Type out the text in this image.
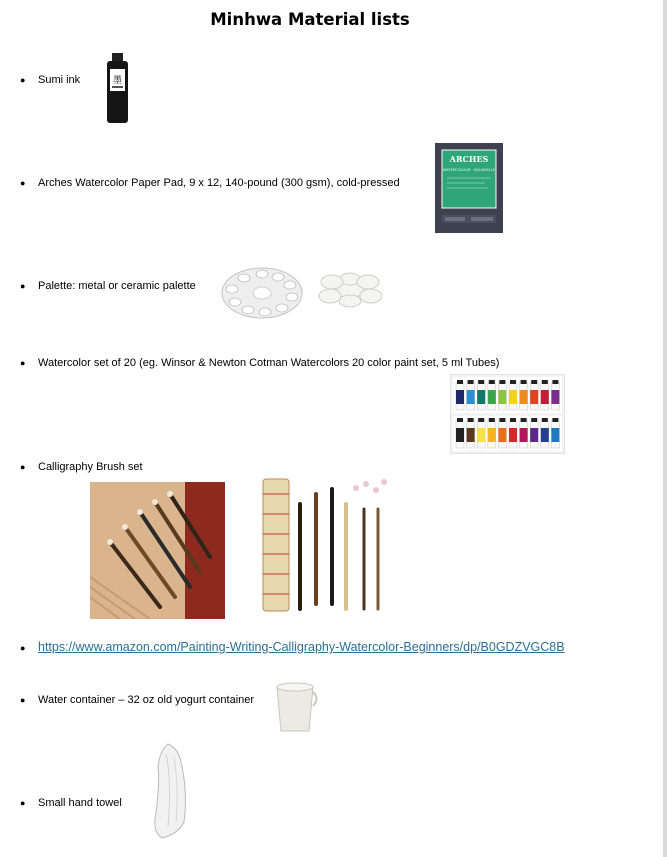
Minhwa Material lists
● Sumi ink	墨
● Arches Watercolor Paper Pad, 9 x 12, 140-pound (300 gsm), cold-pressed
ARCHES
WATERCOLOUR · AQUARELLE
● Palette: metal or ceramic palette
● Watercolor set of 20 (eg. Winsor & Newton Cotman Watercolors 20 color paint set, 5 ml Tubes)
● Calligraphy Brush set
● https://www.amazon.com/Painting-Writing-Calligraphy-Watercolor-Beginners/dp/B0GDZVGC8B
● Water container – 32 oz old yogurt container
● Small hand towel
